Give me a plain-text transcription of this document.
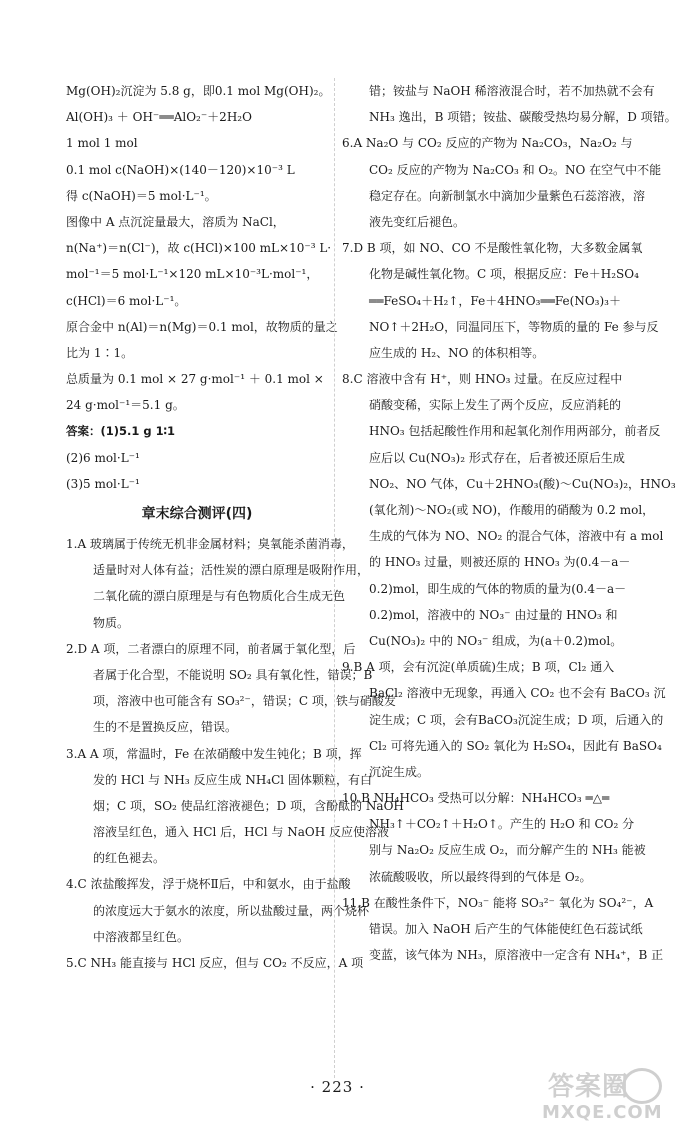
Mg(OH)₂沉淀为 5.8 g，即0.1 mol Mg(OH)₂。
Al(OH)₃ ＋ OH⁻══AlO₂⁻＋2H₂O
1 mol 1 mol
0.1 mol c(NaOH)×(140－120)×10⁻³ L
得 c(NaOH)＝5 mol·L⁻¹。
图像中 A 点沉淀量最大，溶质为 NaCl，
n(Na⁺)＝n(Cl⁻)，故 c(HCl)×100 mL×10⁻³ L·
mol⁻¹＝5 mol·L⁻¹×120 mL×10⁻³L·mol⁻¹，
c(HCl)＝6 mol·L⁻¹。
原合金中 n(Al)＝n(Mg)＝0.1 mol，故物质的量之
比为 1∶1。
总质量为 0.1 mol × 27 g·mol⁻¹ ＋ 0.1 mol ×
24 g·mol⁻¹＝5.1 g。
答案：(1)5.1 g 1∶1
(2)6 mol·L⁻¹
(3)5 mol·L⁻¹
章末综合测评(四)
1.A 玻璃属于传统无机非金属材料；臭氧能杀菌消毒，
适量时对人体有益；活性炭的漂白原理是吸附作用，
二氧化硫的漂白原理是与有色物质化合生成无色
物质。
2.D A 项，二者漂白的原理不同，前者属于氧化型，后
者属于化合型，不能说明 SO₂ 具有氧化性，错误；B
项，溶液中也可能含有 SO₃²⁻，错误；C 项，铁与硝酸发
生的不是置换反应，错误。
3.A A 项，常温时，Fe 在浓硝酸中发生钝化；B 项，挥
发的 HCl 与 NH₃ 反应生成 NH₄Cl 固体颗粒，有白
烟；C 项，SO₂ 使品红溶液褪色；D 项，含酚酞的 NaOH
溶液呈红色，通入 HCl 后，HCl 与 NaOH 反应使溶液
的红色褪去。
4.C 浓盐酸挥发，浮于烧杯Ⅱ后，中和氨水，由于盐酸
的浓度远大于氨水的浓度，所以盐酸过量，两个烧杯
中溶液都呈红色。
5.C NH₃ 能直接与 HCl 反应，但与 CO₂ 不反应，A 项
错；铵盐与 NaOH 稀溶液混合时，若不加热就不会有
NH₃ 逸出，B 项错；铵盐、碳酸受热均易分解，D 项错。
6.A Na₂O 与 CO₂ 反应的产物为 Na₂CO₃，Na₂O₂ 与
CO₂ 反应的产物为 Na₂CO₃ 和 O₂。NO 在空气中不能
稳定存在。向新制氯水中滴加少量紫色石蕊溶液，溶
液先变红后褪色。
7.D B 项，如 NO、CO 不是酸性氧化物，大多数金属氧
化物是碱性氧化物。C 项，根据反应：Fe＋H₂SO₄
══FeSO₄＋H₂↑，Fe＋4HNO₃══Fe(NO₃)₃＋
NO↑＋2H₂O，同温同压下，等物质的量的 Fe 参与反
应生成的 H₂、NO 的体积相等。
8.C 溶液中含有 H⁺，则 HNO₃ 过量。在反应过程中
硝酸变稀，实际上发生了两个反应，反应消耗的
HNO₃ 包括起酸性作用和起氧化剂作用两部分，前者反
应后以 Cu(NO₃)₂ 形式存在，后者被还原后生成
NO₂、NO 气体，Cu＋2HNO₃(酸)～Cu(NO₃)₂，HNO₃
(氧化剂)～NO₂(或 NO)，作酸用的硝酸为 0.2 mol，
生成的气体为 NO、NO₂ 的混合气体，溶液中有 a mol
的 HNO₃ 过量，则被还原的 HNO₃ 为(0.4－a－
0.2)mol，即生成的气体的物质的量为(0.4－a－
0.2)mol，溶液中的 NO₃⁻ 由过量的 HNO₃ 和
Cu(NO₃)₂ 中的 NO₃⁻ 组成，为(a＋0.2)mol。
9.B A 项，会有沉淀(单质硫)生成；B 项，Cl₂ 通入
BaCl₂ 溶液中无现象，再通入 CO₂ 也不会有 BaCO₃ 沉
淀生成；C 项，会有BaCO₃沉淀生成；D 项，后通入的
Cl₂ 可将先通入的 SO₂ 氧化为 H₂SO₄，因此有 BaSO₄
沉淀生成。
10.B NH₄HCO₃ 受热可以分解：NH₄HCO₃ ═△═
NH₃↑＋CO₂↑＋H₂O↑。产生的 H₂O 和 CO₂ 分
别与 Na₂O₂ 反应生成 O₂，而分解产生的 NH₃ 能被
浓硫酸吸收，所以最终得到的气体是 O₂。
11.B 在酸性条件下，NO₃⁻ 能将 SO₃²⁻ 氧化为 SO₄²⁻，A
错误。加入 NaOH 后产生的气体能使红色石蕊试纸
变蓝，该气体为 NH₃，原溶液中一定含有 NH₄⁺，B 正
· 223 ·	答案圈
MXQE.COM
